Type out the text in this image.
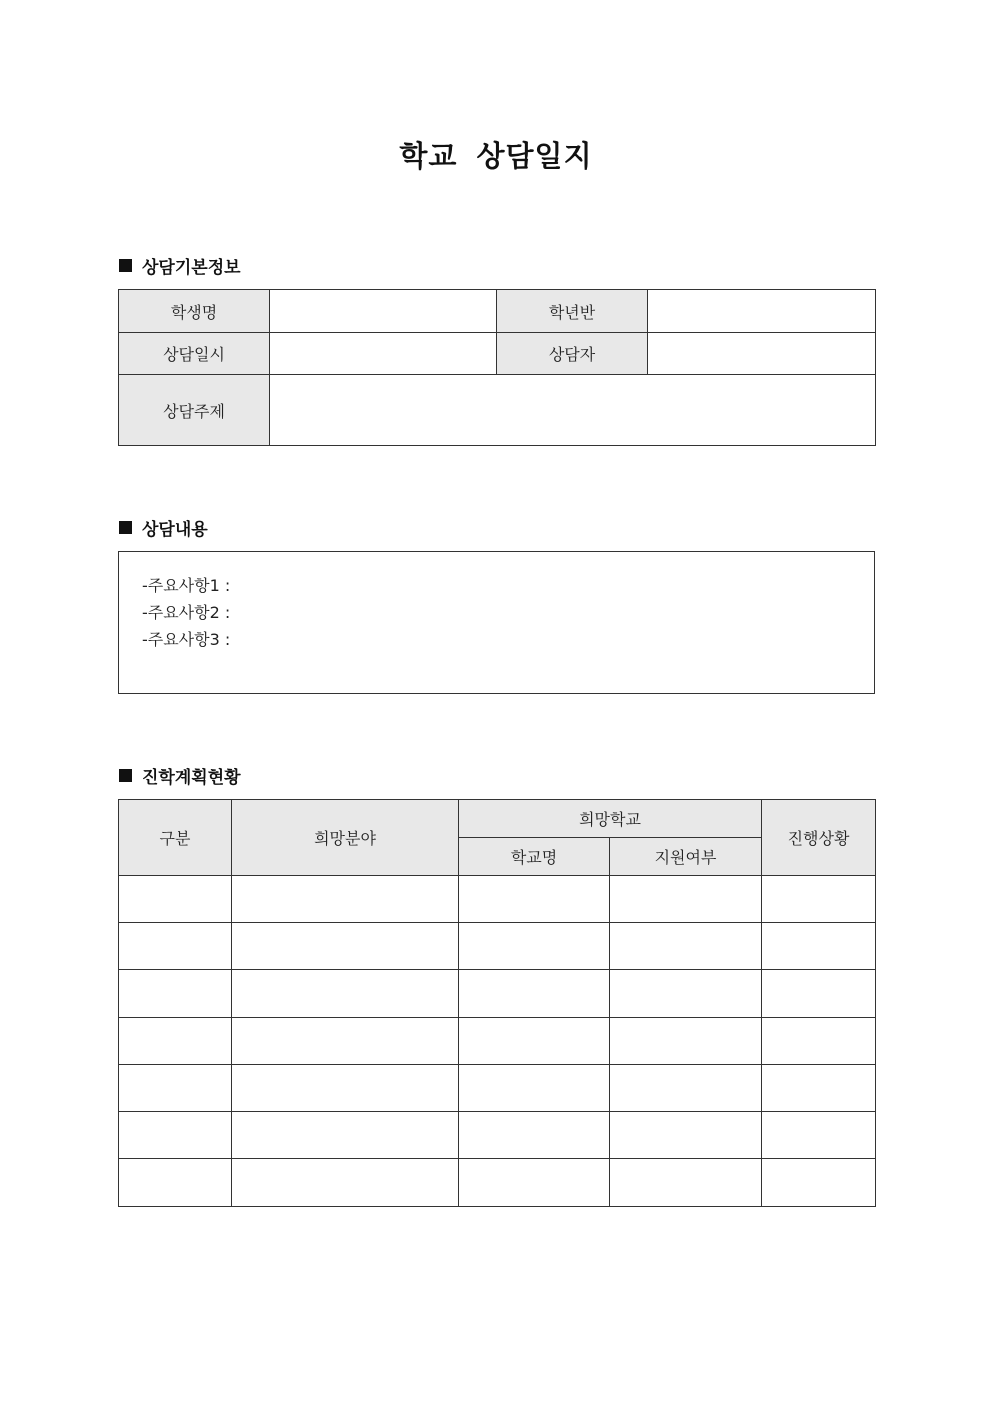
학교 상담일지
상담기본정보
학생명		학년반	
상담일시		상담자	
상담주제			
상담내용
-주요사항1 :
-주요사항2 :
-주요사항3 :
진학계획현황
구분	희망분야	희망학교		진행상황
		학교명	지원여부	
